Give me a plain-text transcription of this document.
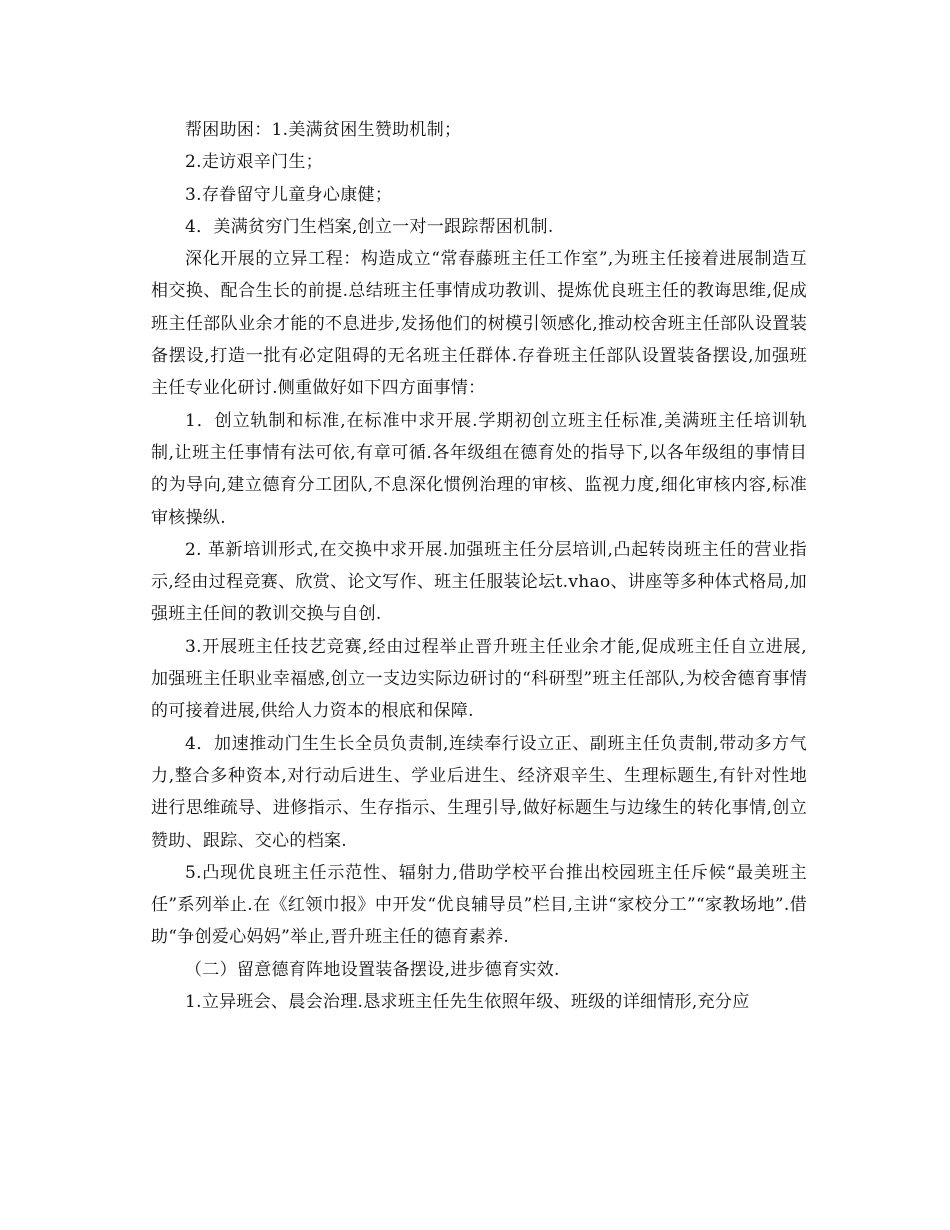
帮困助困：1.美满贫困生赞助机制；

2.走访艰辛门生；

3.存眷留守儿童身心康健；

4．美满贫穷门生档案,创立一对一跟踪帮困机制.

深化开展的立异工程：构造成立“常春藤班主任工作室”,为班主任接着进展制造互相交换、配合生长的前提.总结班主任事情成功教训、提炼优良班主任的教诲思维,促成班主任部队业余才能的不息进步,发扬他们的树模引领感化,推动校舍班主任部队设置装备摆设,打造一批有必定阻碍的无名班主任群体.存眷班主任部队设置装备摆设,加强班主任专业化研讨.侧重做好如下四方面事情：

1．创立轨制和标准,在标准中求开展.学期初创立班主任标准,美满班主任培训轨制,让班主任事情有法可依,有章可循.各年级组在德育处的指导下,以各年级组的事情目的为导向,建立德育分工团队,不息深化惯例治理的审核、监视力度,细化审核内容,标准审核操纵.

2. 革新培训形式,在交换中求开展.加强班主任分层培训,凸起转岗班主任的营业指示,经由过程竞赛、欣赏、论文写作、班主任服装论坛t.vhao、讲座等多种体式格局,加强班主任间的教训交换与自创.

3.开展班主任技艺竞赛,经由过程举止晋升班主任业余才能,促成班主任自立进展,加强班主任职业幸福感,创立一支边实际边研讨的“科研型”班主任部队,为校舍德育事情的可接着进展,供给人力资本的根底和保障.

4．加速推动门生生长全员负责制,连续奉行设立正、副班主任负责制,带动多方气力,整合多种资本,对行动后进生、学业后进生、经济艰辛生、生理标题生,有针对性地进行思维疏导、进修指示、生存指示、生理引导,做好标题生与边缘生的转化事情,创立赞助、跟踪、交心的档案.

5.凸现优良班主任示范性、辐射力,借助学校平台推出校园班主任斥候“最美班主任”系列举止.在《红领巾报》中开发“优良辅导员”栏目,主讲“家校分工”“家教场地”.借助“争创爱心妈妈”举止,晋升班主任的德育素养.

（二）留意德育阵地设置装备摆设,进步德育实效.

1.立异班会、晨会治理.恳求班主任先生依照年级、班级的详细情形,充分应
